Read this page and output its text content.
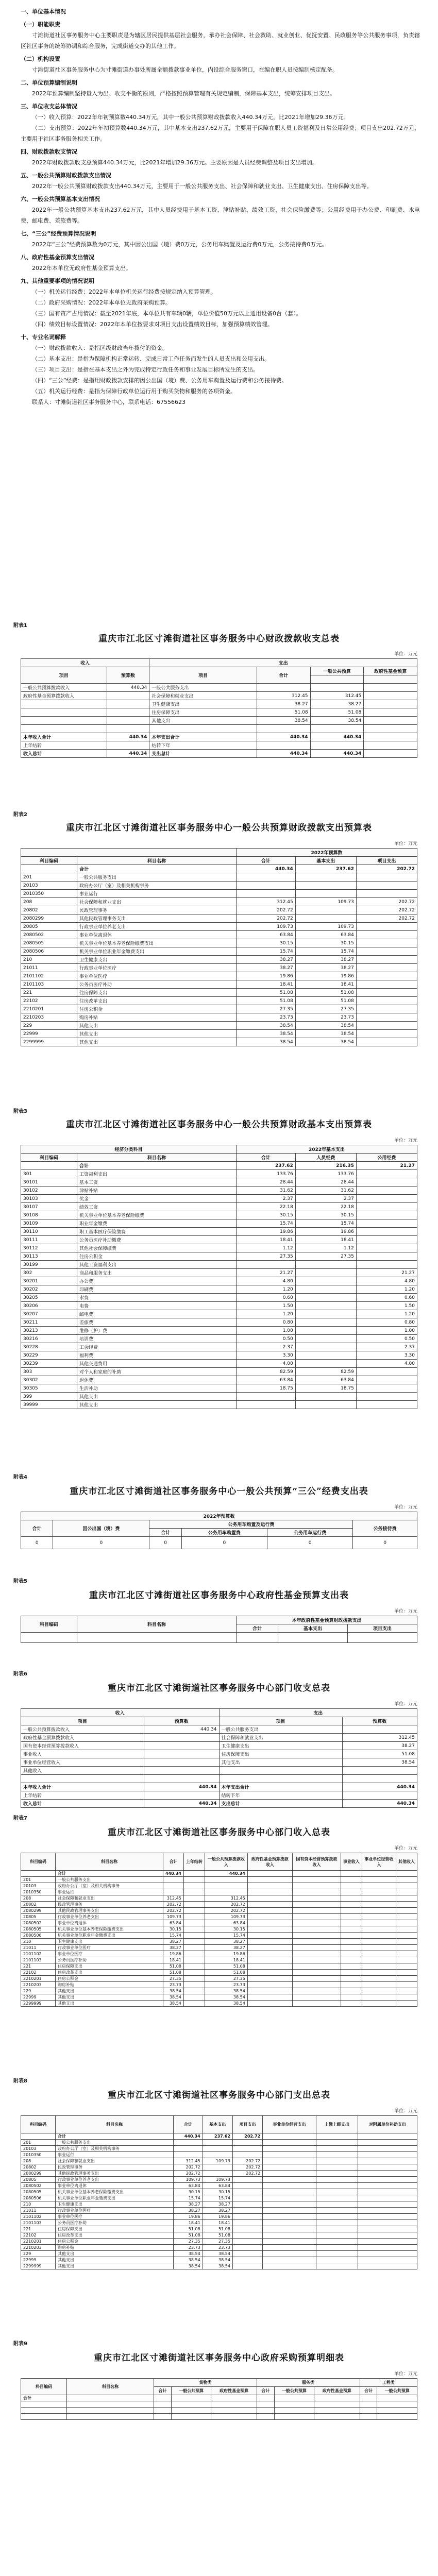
一、单位基本情况
（一）职能职责

寸滩街道社区事务服务中心主要职责是为辖区居民提供基层社会服务，承办社会保障、社会救助、就业创业、优抚安置、民政服务等公共服务事项，负责辖区社区事务的统筹协调和综合服务，完成街道交办的其他工作。

（二）机构设置

寸滩街道社区事务服务中心为寸滩街道办事处所属全额拨款事业单位，内设综合服务窗口，在编在职人员按编制核定配备。

二、单位预算编制说明

2022年预算编制坚持量入为出、收支平衡的原则，严格按照预算管理有关规定编制，保障基本支出，统筹安排项目支出。

三、单位收支总体情况

（一）收入预算：2022年年初预算数440.34万元，其中一般公共预算财政拨款收入440.34万元，比2021年增加29.36万元。

（二）支出预算：2022年年初预算数440.34万元，其中基本支出237.62万元，主要用于保障在职人员工资福利及日常公用经费；项目支出202.72万元，主要用于社区事务服务相关工作。

四、财政拨款收支情况

2022年财政拨款收支总预算440.34万元，比2021年增加29.36万元。主要原因是人员经费调整及项目支出增加。

五、一般公共预算财政拨款支出情况

2022年一般公共预算财政拨款支出440.34万元，主要用于一般公共服务支出、社会保障和就业支出、卫生健康支出、住房保障支出等。

六、一般公共预算基本支出情况

2022年一般公共预算基本支出237.62万元，其中人员经费用于基本工资、津贴补贴、绩效工资、社会保险缴费等；公用经费用于办公费、印刷费、水电费、邮电费、差旅费等。

七、“三公”经费预算情况说明

2022年“三公”经费预算数为0万元，其中因公出国（境）费0万元，公务用车购置及运行费0万元，公务接待费0万元。

八、政府性基金预算支出情况

2022年本单位无政府性基金预算支出。

九、其他重要事项的情况说明

（一）机关运行经费：2022年本单位机关运行经费按规定纳入预算管理。

（二）政府采购情况：2022年本单位无政府采购预算。

（三）国有资产占用情况：截至2021年底，本单位共有车辆0辆，单位价值50万元以上通用设备0台（套）。

（四）绩效目标设置情况：2022年本单位按要求对项目支出设置绩效目标，加强预算绩效管理。

十、专业名词解释

（一）财政拨款收入：是指区级财政当年拨付的资金。

（二）基本支出：是指为保障机构正常运转、完成日常工作任务而发生的人员支出和公用支出。

（三）项目支出：是指在基本支出之外为完成特定行政任务和事业发展目标所发生的支出。

（四）“三公”经费：是指用财政拨款安排的因公出国（境）费、公务用车购置及运行费和公务接待费。

（五）机关运行经费：是指为保障行政单位运行用于购买货物和服务的各项资金。

联系人：寸滩街道社区事务服务中心，联系电话：67556623

附表1
重庆市江北区寸滩街道社区事务服务中心财政拨款收支总表
单位：万元
收入		支出			
项目	预算数	项目	合计	一般公共预算	政府性基金预算

一般公共预算拨款收入	440.34	一般公共服务支出			
政府性基金预算拨款收入		社会保障和就业支出	312.45	312.45	
		卫生健康支出	38.27	38.27	
		住房保障支出	51.08	51.08	
		其他支出	38.54	38.54	

本年收入合计	440.34	本年支出合计	440.34	440.34	
上年结转		结转下年			
收入总计	440.34	支出总计	440.34	440.34	
附表2
重庆市江北区寸滩街道社区事务服务中心一般公共预算财政拨款支出预算表
单位：万元
		2022年预算数		
科目编码	科目名称	合计	基本支出	项目支出
	合计	440.34	237.62	202.72
201	一般公共服务支出			
20103	政府办公厅（室）及相关机构事务			
2010350	事业运行			
208	社会保障和就业支出	312.45	109.73	202.72
20802	民政管理事务	202.72		202.72
2080299	其他民政管理事务支出	202.72		202.72
20805	行政事业单位养老支出	109.73	109.73	
2080502	事业单位离退休	63.84	63.84	
2080505	机关事业单位基本养老保险缴费支出	30.15	30.15	
2080506	机关事业单位职业年金缴费支出	15.74	15.74	
210	卫生健康支出	38.27	38.27	
21011	行政事业单位医疗	38.27	38.27	
2101102	事业单位医疗	19.86	19.86	
2101103	公务员医疗补助	18.41	18.41	
221	住房保障支出	51.08	51.08	
22102	住房改革支出	51.08	51.08	
2210201	住房公积金	27.35	27.35	
2210203	购房补贴	23.73	23.73	
229	其他支出	38.54	38.54	
22999	其他支出	38.54	38.54	
2299999	其他支出	38.54	38.54	
附表3
重庆市江北区寸滩街道社区事务服务中心一般公共预算财政基本支出预算表
单位：万元
经济分类科目		2022年基本支出		
科目编码	科目名称	合计	人员经费	公用经费
	合计	237.62	216.35	21.27
301	工资福利支出	133.76	133.76	
30101	基本工资	28.44	28.44	
30102	津贴补贴	31.62	31.62	
30103	奖金	2.37	2.37	
30107	绩效工资	22.18	22.18	
30108	机关事业单位基本养老保险缴费	30.15	30.15	
30109	职业年金缴费	15.74	15.74	
30110	职工基本医疗保险缴费	19.86	19.86	
30111	公务员医疗补助缴费	18.41	18.41	
30112	其他社会保障缴费	1.12	1.12	
30113	住房公积金	27.35	27.35	
30199	其他工资福利支出			
302	商品和服务支出	21.27		21.27
30201	办公费	4.80		4.80
30202	印刷费	1.20		1.20
30205	水费	0.60		0.60
30206	电费	1.50		1.50
30207	邮电费	1.20		1.20
30211	差旅费	0.80		0.80
30213	维修（护）费	1.00		1.00
30216	培训费	0.50		0.50
30228	工会经费	2.37		2.37
30229	福利费	3.30		3.30
30239	其他交通费用	4.00		4.00
303	对个人和家庭的补助	82.59	82.59	
30302	退休费	63.84	63.84	
30305	生活补助	18.75	18.75	
399	其他支出			
39999	其他支出			
附表4
重庆市江北区寸滩街道社区事务服务中心一般公共预算“三公”经费支出表
单位：万元
2022年预算数					
合计	因公出国（境）费	公务用车购置及运行费			公务接待费
		合计	公务用车购置费	公务用车运行费	
0	0	0	0	0	0
附表5
重庆市江北区寸滩街道社区事务服务中心政府性基金预算支出表
单位：万元
科目编码	科目名称	本年政府性基金预算财政拨款支出		
		合计	基本支出	项目支出

附表6
重庆市江北区寸滩街道社区事务服务中心部门收支总表
单位：万元
收入		支出	
项目	预算数	项目	预算数
一般公共预算拨款收入	440.34	一般公共服务支出	
政府性基金预算拨款收入		社会保障和就业支出	312.45
国有资本经营预算拨款收入		卫生健康支出	38.27
事业收入		住房保障支出	51.08
事业单位经营收入		其他支出	38.54
其他收入			

本年收入合计	440.34	本年支出合计	440.34
上年结转		结转下年	
收入总计	440.34	支出总计	440.34
附表7
重庆市江北区寸滩街道社区事务服务中心部门收入总表
单位：万元
科目编码	科目名称	合计	上年结转	一般公共预算拨款收入	政府性基金预算拨款收入	国有资本经营预算拨款收入	事业收入	事业单位经营收入	其他收入
	合计	440.34		440.34					
201	一般公共服务支出								
20103	政府办公厅（室）及相关机构事务								
2010350	事业运行								
208	社会保障和就业支出	312.45		312.45					
20802	民政管理事务	202.72		202.72					
2080299	其他民政管理事务支出	202.72		202.72					
20805	行政事业单位养老支出	109.73		109.73					
2080502	事业单位离退休	63.84		63.84					
2080505	机关事业单位基本养老保险缴费支出	30.15		30.15					
2080506	机关事业单位职业年金缴费支出	15.74		15.74					
210	卫生健康支出	38.27		38.27					
21011	行政事业单位医疗	38.27		38.27					
2101102	事业单位医疗	19.86		19.86					
2101103	公务员医疗补助	18.41		18.41					
221	住房保障支出	51.08		51.08					
22102	住房改革支出	51.08		51.08					
2210201	住房公积金	27.35		27.35					
2210203	购房补贴	23.73		23.73					
229	其他支出	38.54		38.54					
22999	其他支出	38.54		38.54					
2299999	其他支出	38.54		38.54					
附表8
重庆市江北区寸滩街道社区事务服务中心部门支出总表
单位：万元
科目编码	科目名称	合计	基本支出	项目支出	事业单位经营支出	上缴上级支出	对附属单位补助支出
	合计	440.34	237.62	202.72			
201	一般公共服务支出						
20103	政府办公厅（室）及相关机构事务						
2010350	事业运行						
208	社会保障和就业支出	312.45	109.73	202.72			
20802	民政管理事务	202.72		202.72			
2080299	其他民政管理事务支出	202.72		202.72			
20805	行政事业单位养老支出	109.73	109.73				
2080502	事业单位离退休	63.84	63.84				
2080505	机关事业单位基本养老保险缴费支出	30.15	30.15				
2080506	机关事业单位职业年金缴费支出	15.74	15.74				
210	卫生健康支出	38.27	38.27				
21011	行政事业单位医疗	38.27	38.27				
2101102	事业单位医疗	19.86	19.86				
2101103	公务员医疗补助	18.41	18.41				
221	住房保障支出	51.08	51.08				
22102	住房改革支出	51.08	51.08				
2210201	住房公积金	27.35	27.35				
2210203	购房补贴	23.73	23.73				
229	其他支出	38.54	38.54				
22999	其他支出	38.54	38.54				
2299999	其他支出	38.54	38.54				
附表9
重庆市江北区寸滩街道社区事务服务中心政府采购预算明细表
单位：万元
科目编码	科目名称	货物类			服务类			工程类	
		合计	一般公共预算	政府性基金预算	合计	一般公共预算	政府性基金预算	合计	一般公共预算
合计									
